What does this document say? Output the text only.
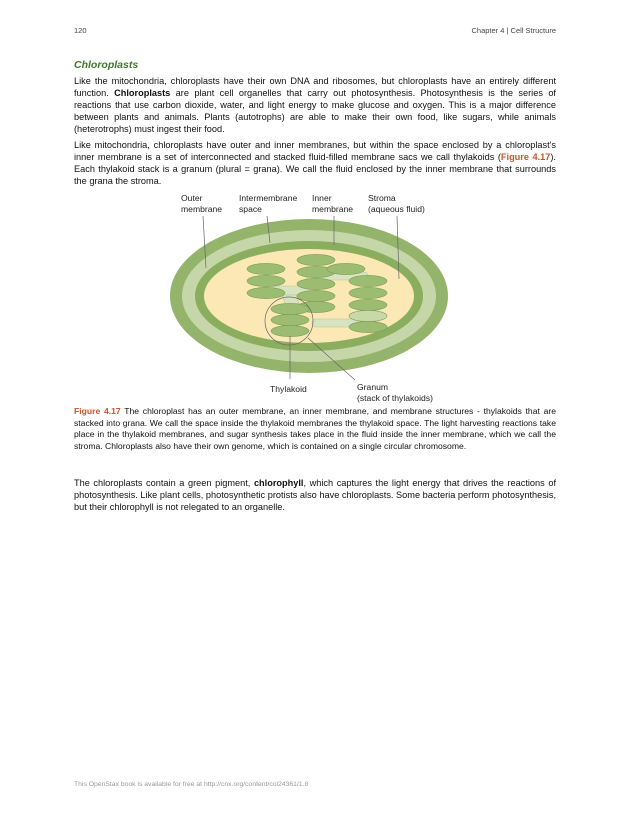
120	Chapter 4 | Cell Structure
Chloroplasts

Like the mitochondria, chloroplasts have their own DNA and ribosomes, but chloroplasts have an entirely different function. Chloroplasts are plant cell organelles that carry out photosynthesis. Photosynthesis is the series of reactions that use carbon dioxide, water, and light energy to make glucose and oxygen. This is a major difference between plants and animals. Plants (autotrophs) are able to make their own food, like sugars, while animals (heterotrophs) must ingest their food.

Like mitochondria, chloroplasts have outer and inner membranes, but within the space enclosed by a chloroplast's inner membrane is a set of interconnected and stacked fluid-filled membrane sacs we call thylakoids (Figure 4.17). Each thylakoid stack is a granum (plural = grana). We call the fluid enclosed by the inner membrane that surrounds the grana the stroma.

Outer
membrane
Intermembrane
space
Inner
membrane
Stroma
(aqueous fluid)
Thylakoid	Granum
(stack of thylakoids)

Figure 4.17 The chloroplast has an outer membrane, an inner membrane, and membrane structures - thylakoids that are stacked into grana. We call the space inside the thylakoid membranes the thylakoid space. The light harvesting reactions take place in the thylakoid membranes, and sugar synthesis takes place in the fluid inside the inner membrane, which we call the stroma. Chloroplasts also have their own genome, which is contained on a single circular chromosome.

The chloroplasts contain a green pigment, chlorophyll, which captures the light energy that drives the reactions of photosynthesis. Like plant cells, photosynthetic protists also have chloroplasts. Some bacteria perform photosynthesis, but their chlorophyll is not relegated to an organelle.

This OpenStax book is available for free at http://cnx.org/content/col24361/1.8
